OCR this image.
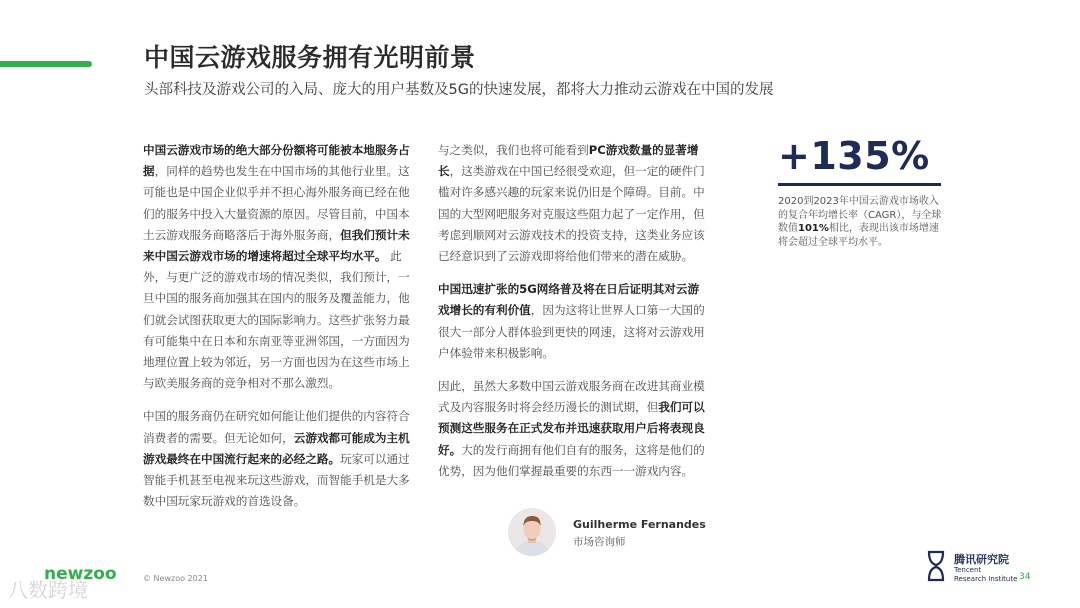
中国云游戏服务拥有光明前景
头部科技及游戏公司的入局、庞大的用户基数及5G的快速发展，都将大力推动云游戏在中国的发展

中国云游戏市场的绝大部分份额将可能被本地服务占据，同样的趋势也发生在中国市场的其他行业里。这可能也是中国企业似乎并不担心海外服务商已经在他们的服务中投入大量资源的原因。尽管目前，中国本土云游戏服务商略落后于海外服务商，但我们预计未来中国云游戏市场的增速将超过全球平均水平。 此外，与更广泛的游戏市场的情况类似，我们预计，一旦中国的服务商加强其在国内的服务及覆盖能力，他们就会试图获取更大的国际影响力。这些扩张努力最有可能集中在日本和东南亚等亚洲邻国，一方面因为地理位置上较为邻近，另一方面也因为在这些市场上与欧美服务商的竞争相对不那么激烈。

中国的服务商仍在研究如何能让他们提供的内容符合消费者的需要。但无论如何，云游戏都可能成为主机游戏最终在中国流行起来的必经之路。玩家可以通过智能手机甚至电视来玩这些游戏，而智能手机是大多数中国玩家玩游戏的首选设备。

与之类似，我们也将可能看到PC游戏数量的显著增长，这类游戏在中国已经很受欢迎，但一定的硬件门槛对许多感兴趣的玩家来说仍旧是个障碍。目前。中国的大型网吧服务对克服这些阻力起了一定作用，但考虑到顺网对云游戏技术的投资支持，这类业务应该已经意识到了云游戏即将给他们带来的潜在威胁。

中国迅速扩张的5G网络普及将在日后证明其对云游戏增长的有利价值，因为这将让世界人口第一大国的很大一部分人群体验到更快的网速，这将对云游戏用户体验带来积极影响。

因此，虽然大多数中国云游戏服务商在改进其商业模式及内容服务时将会经历漫长的测试期，但我们可以预测这些服务在正式发布并迅速获取用户后将表现良好。大的发行商拥有他们自有的服务，这将是他们的优势，因为他们掌握最重要的东西一一游戏内容。

+135%
2020到2023年中国云游戏市场收入的复合年均增长率（CAGR），与全球数值101%相比，表现出该市场增速将会超过全球平均水平。
Guilherme Fernandes
市场咨询师
八数跨境
newzoo	© Newzoo 2021
腾讯研究院
Tencent
Research Institute 34
